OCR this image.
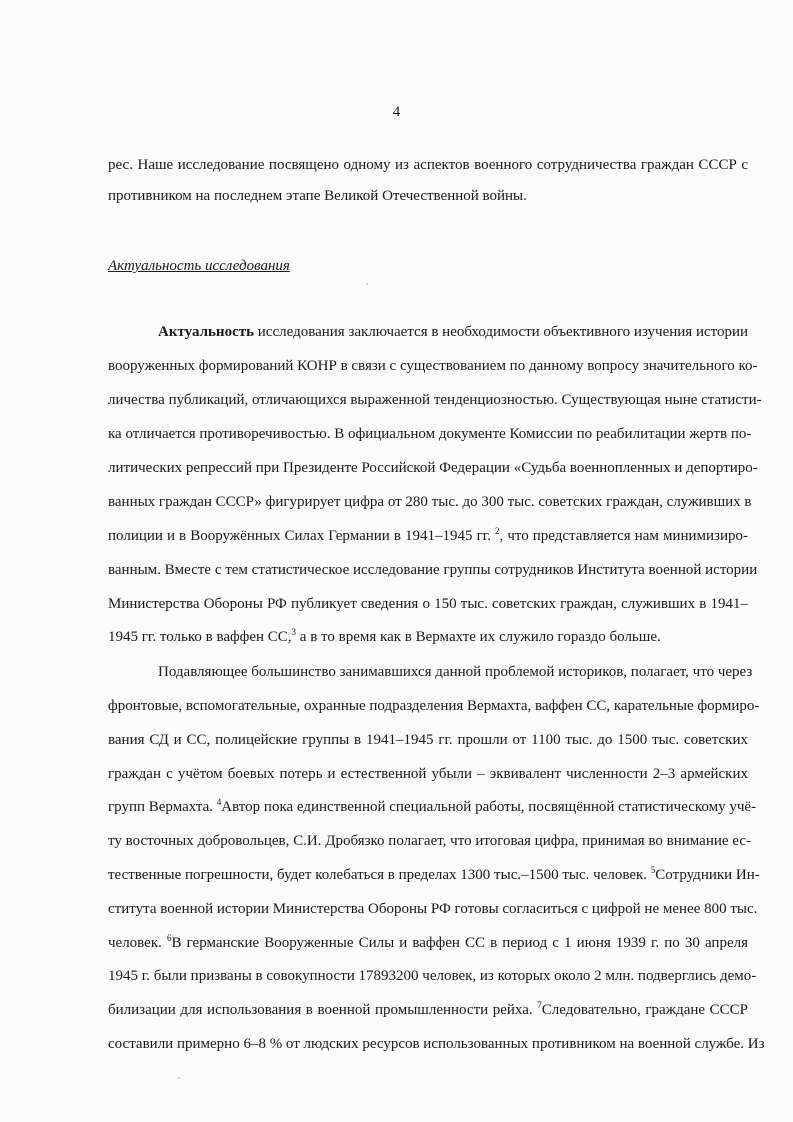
4
рес. Наше исследование посвящено одному из аспектов военного сотрудничества граждан СССР с
противником на последнем этапе Великой Отечественной войны.
Актуальность исследования
Актуальность исследования заключается в необходимости объективного изучения истории
вооруженных формирований КОНР в связи с существованием по данному вопросу значительного ко-
личества публикаций, отличающихся выраженной тенденциозностью. Существующая ныне статисти-
ка отличается противоречивостью. В официальном документе Комиссии по реабилитации жертв по-
литических репрессий при Президенте Российской Федерации «Судьба военнопленных и депортиро-
ванных граждан СССР» фигурирует цифра от 280 тыс. до 300 тыс. советских граждан, служивших в
полиции и в Вооружённых Силах Германии в 1941–1945 гг. $^2$, что представляется нам минимизиро-
ванным. Вместе с тем статистическое исследование группы сотрудников Института военной истории
Министерства Обороны РФ публикует сведения о 150 тыс. советских граждан, служивших в 1941–
1945 гг. только в ваффен СС,$^3$ а в то время как в Вермахте их служило гораздо больше.
Подавляющее большинство занимавшихся данной проблемой историков, полагает, что через
фронтовые, вспомогательные, охранные подразделения Вермахта, ваффен СС, карательные формиро-
вания СД и СС, полицейские группы в 1941–1945 гг. прошли от 1100 тыс. до 1500 тыс. советских
граждан с учётом боевых потерь и естественной убыли – эквивалент численности 2–3 армейских
групп Вермахта. $^4$Автор пока единственной специальной работы, посвящённой статистическому учё-
ту восточных добровольцев, С.И. Дробязко полагает, что итоговая цифра, принимая во внимание ес-
тественные погрешности, будет колебаться в пределах 1300 тыс.–1500 тыс. человек. $^5$Сотрудники Ин-
ститута военной истории Министерства Обороны РФ готовы согласиться с цифрой не менее 800 тыс.
человек. $^6$В германские Вооруженные Силы и ваффен СС в период с 1 июня 1939 г. по 30 апреля
1945 г. были призваны в совокупности 17893200 человек, из которых около 2 млн. подверглись демо-
билизации для использования в военной промышленности рейха. $^7$Следовательно, граждане СССР
составили примерно 6–8 % от людских ресурсов использованных противником на военной службе. Из
